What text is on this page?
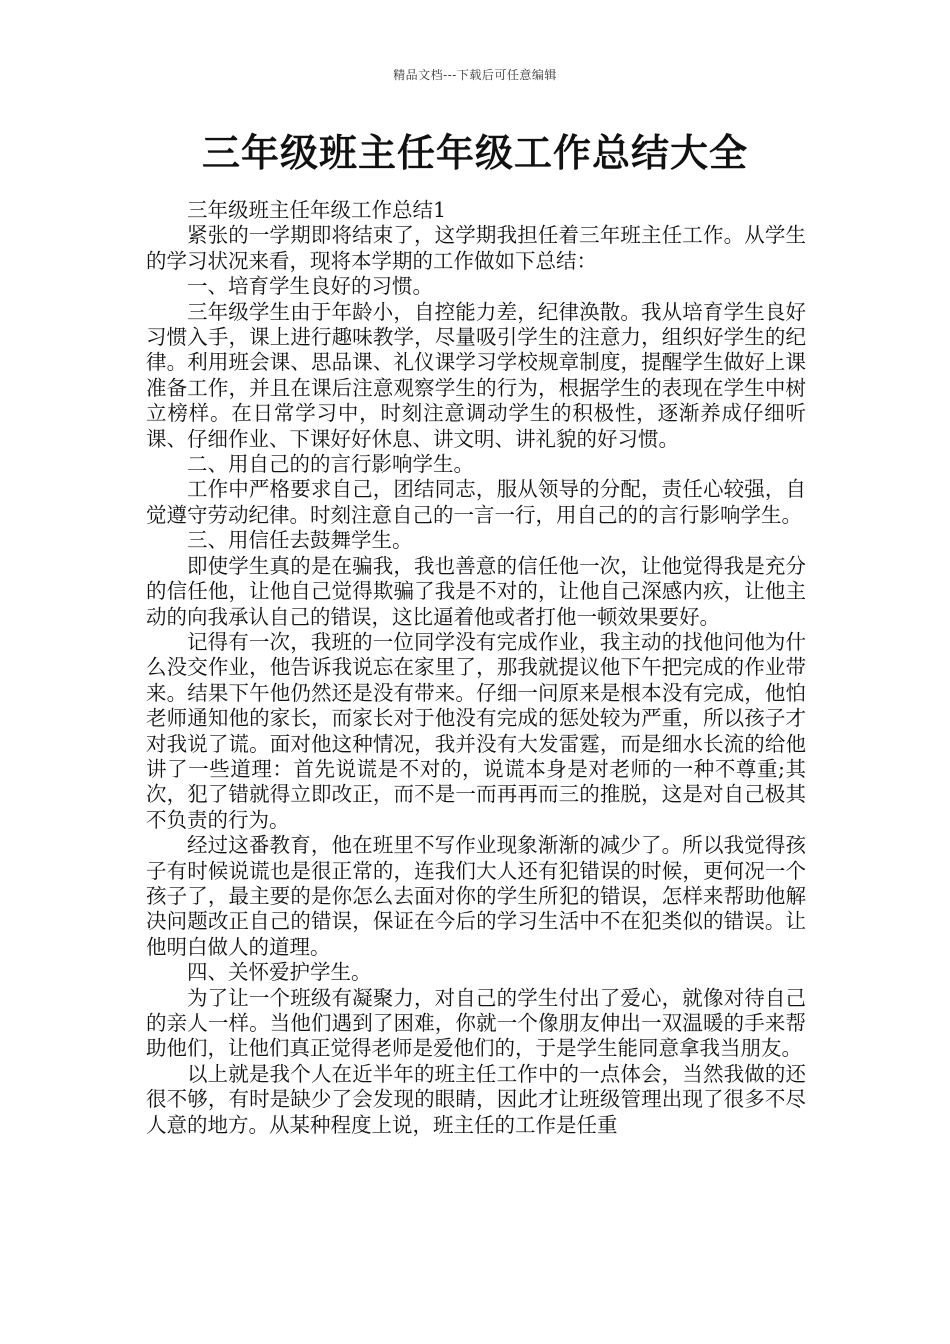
精品文档---下载后可任意编辑
三年级班主任年级工作总结大全

三年级班主任年级工作总结1

紧张的一学期即将结束了，这学期我担任着三年班主任工作。从学生的学习状况来看，现将本学期的工作做如下总结：

一、培育学生良好的习惯。

三年级学生由于年龄小，自控能力差，纪律涣散。我从培育学生良好习惯入手，课上进行趣味教学，尽量吸引学生的注意力，组织好学生的纪律。利用班会课、思品课、礼仪课学习学校规章制度，提醒学生做好上课准备工作，并且在课后注意观察学生的行为，根据学生的表现在学生中树立榜样。在日常学习中，时刻注意调动学生的积极性，逐渐养成仔细听课、仔细作业、下课好好休息、讲文明、讲礼貌的好习惯。

二、用自己的的言行影响学生。

工作中严格要求自己，团结同志，服从领导的分配，责任心较强，自觉遵守劳动纪律。时刻注意自己的一言一行，用自己的的言行影响学生。

三、用信任去鼓舞学生。

即使学生真的是在骗我，我也善意的信任他一次，让他觉得我是充分的信任他，让他自己觉得欺骗了我是不对的，让他自己深感内疚，让他主动的向我承认自己的错误，这比逼着他或者打他一顿效果要好。

记得有一次，我班的一位同学没有完成作业，我主动的找他问他为什么没交作业，他告诉我说忘在家里了，那我就提议他下午把完成的作业带来。结果下午他仍然还是没有带来。仔细一问原来是根本没有完成，他怕老师通知他的家长，而家长对于他没有完成的惩处较为严重，所以孩子才对我说了谎。面对他这种情况，我并没有大发雷霆，而是细水长流的给他讲了一些道理：首先说谎是不对的，说谎本身是对老师的一种不尊重;其次，犯了错就得立即改正，而不是一而再再而三的推脱，这是对自己极其不负责的行为。

经过这番教育，他在班里不写作业现象渐渐的减少了。所以我觉得孩子有时候说谎也是很正常的，连我们大人还有犯错误的时候，更何况一个孩子了，最主要的是你怎么去面对你的学生所犯的错误，怎样来帮助他解决问题改正自己的错误，保证在今后的学习生活中不在犯类似的错误。让他明白做人的道理。

四、关怀爱护学生。

为了让一个班级有凝聚力，对自己的学生付出了爱心，就像对待自己的亲人一样。当他们遇到了困难，你就一个像朋友伸出一双温暖的手来帮助他们，让他们真正觉得老师是爱他们的，于是学生能同意拿我当朋友。

以上就是我个人在近半年的班主任工作中的一点体会，当然我做的还很不够，有时是缺少了会发现的眼睛，因此才让班级管理出现了很多不尽人意的地方。从某种程度上说，班主任的工作是任重
